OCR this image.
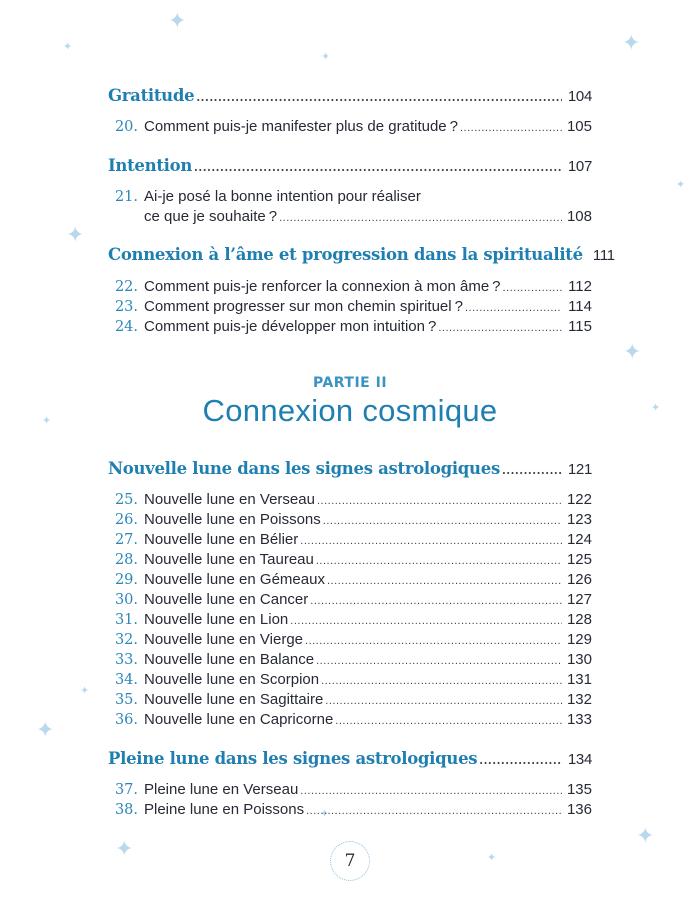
✦
✦
✦
✦
✦
✦
✦
✦
✦
✦
✦
✦
✦
✦	✦
Gratitude .....	104
20. Comment puis-je manifester plus de gratitude ? .....	105
Intention .....	107
21. Ai-je posé la bonne intention pour réaliser
ce que je souhaite ? .....	108
Connexion à l’âme et progression dans la spiritualité 111
22. Comment puis-je renforcer la connexion à mon âme ? .....	112
23. Comment progresser sur mon chemin spirituel ? .....	114
24. Comment puis-je développer mon intuition ? .....	115
Nouvelle lune dans les signes astrologiques .....	121
25. Nouvelle lune en Verseau .....	122
26. Nouvelle lune en Poissons .....	123
27. Nouvelle lune en Bélier .....	124
28. Nouvelle lune en Taureau .....	125
29. Nouvelle lune en Gémeaux .....	126
30. Nouvelle lune en Cancer .....	127
31. Nouvelle lune en Lion .....	128
32. Nouvelle lune en Vierge .....	129
33. Nouvelle lune en Balance .....	130
34. Nouvelle lune en Scorpion .....	131
35. Nouvelle lune en Sagittaire .....	132
36. Nouvelle lune en Capricorne .....	133
Pleine lune dans les signes astrologiques .....	134
37. Pleine lune en Verseau .....	135
38. Pleine lune en Poissons .....	136
PARTIE II
Connexion cosmique
7
